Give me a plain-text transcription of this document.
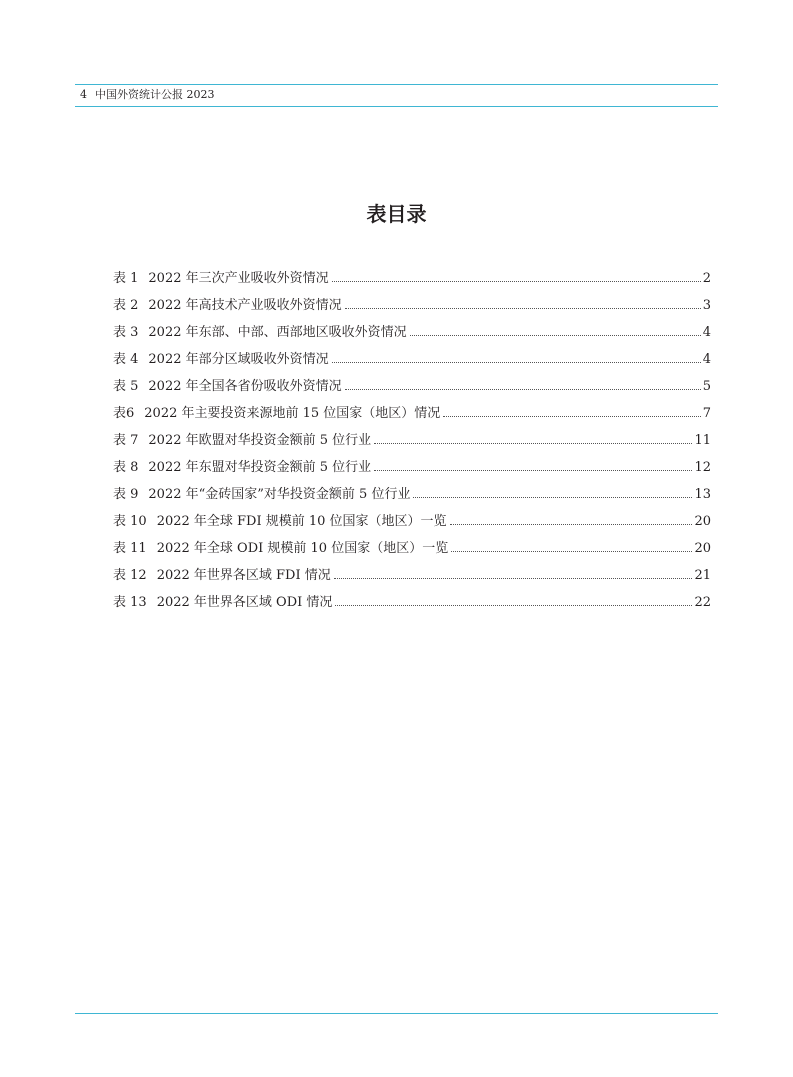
4 中国外资统计公报 2023
表目录
表 1 2022 年三次产业吸收外资情况	2
表 2 2022 年高技术产业吸收外资情况	3
表 3 2022 年东部、中部、西部地区吸收外资情况	4
表 4 2022 年部分区域吸收外资情况	4
表 5 2022 年全国各省份吸收外资情况	5
表6 2022 年主要投资来源地前 15 位国家（地区）情况	7
表 7 2022 年欧盟对华投资金额前 5 位行业	11
表 8 2022 年东盟对华投资金额前 5 位行业	12
表 9 2022 年“金砖国家”对华投资金额前 5 位行业	13
表 10 2022 年全球 FDI 规模前 10 位国家（地区）一览	20
表 11 2022 年全球 ODI 规模前 10 位国家（地区）一览	20
表 12 2022 年世界各区域 FDI 情况	21
表 13 2022 年世界各区域 ODI 情况	22
